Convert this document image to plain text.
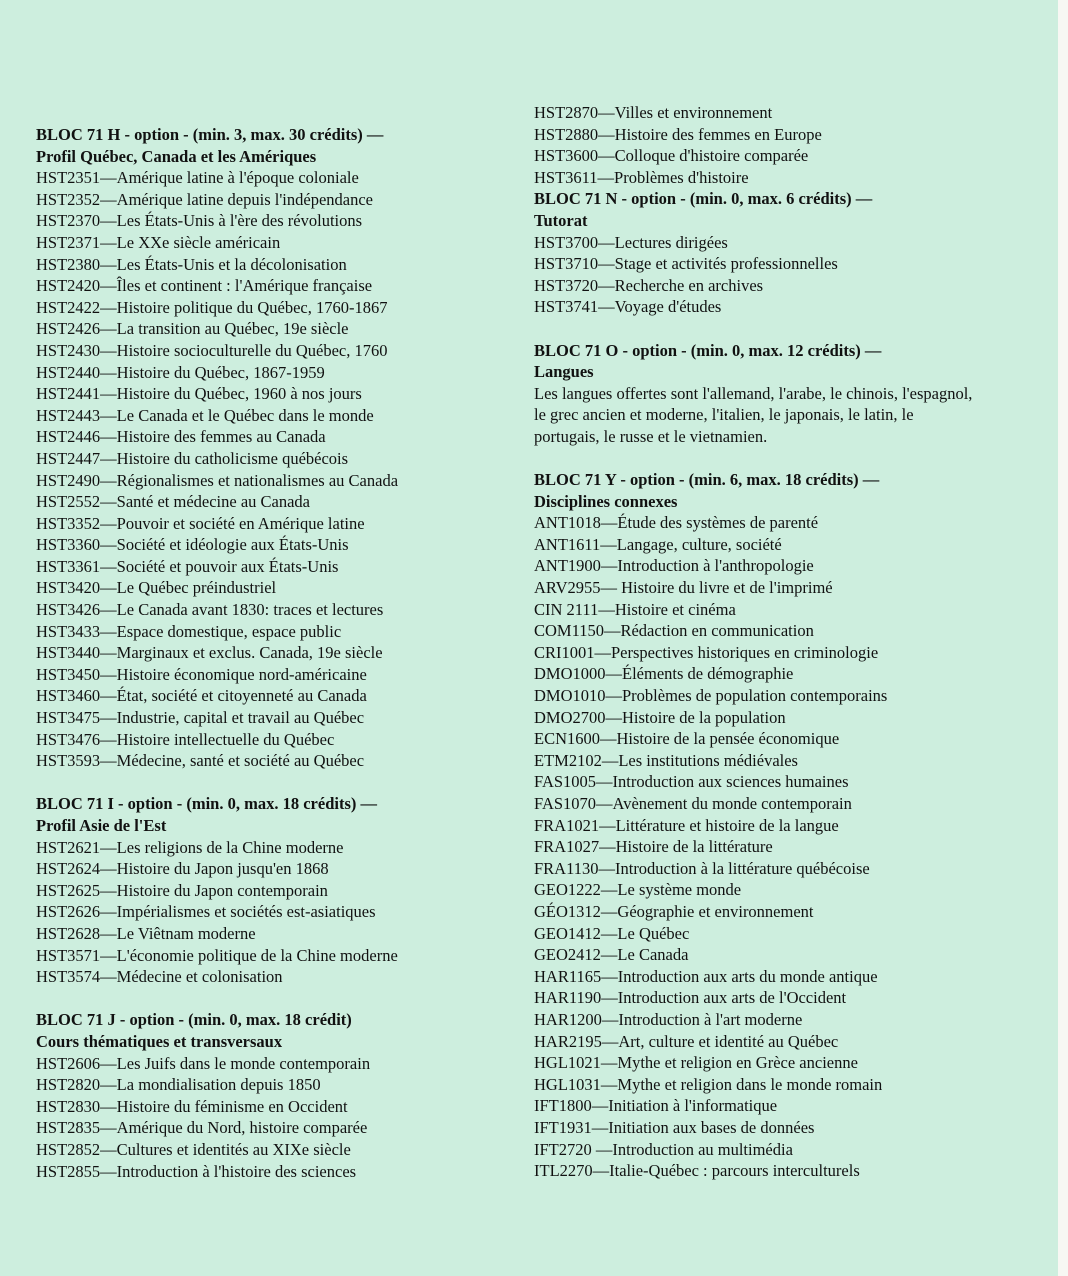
BLOC 71 H - option - (min. 3, max. 30 crédits) —
Profil Québec, Canada et les Amériques
HST2351—Amérique latine à l'époque coloniale
HST2352—Amérique latine depuis l'indépendance
HST2370—Les États-Unis à l'ère des révolutions
HST2371—Le XXe siècle américain
HST2380—Les États-Unis et la décolonisation
HST2420—Îles et continent : l'Amérique française
HST2422—Histoire politique du Québec, 1760-1867
HST2426—La transition au Québec, 19e siècle
HST2430—Histoire socioculturelle du Québec, 1760
HST2440—Histoire du Québec, 1867-1959
HST2441—Histoire du Québec, 1960 à nos jours
HST2443—Le Canada et le Québec dans le monde
HST2446—Histoire des femmes au Canada
HST2447—Histoire du catholicisme québécois
HST2490—Régionalismes et nationalismes au Canada
HST2552—Santé et médecine au Canada
HST3352—Pouvoir et société en Amérique latine
HST3360—Société et idéologie aux États-Unis
HST3361—Société et pouvoir aux États-Unis
HST3420—Le Québec préindustriel
HST3426—Le Canada avant 1830: traces et lectures
HST3433—Espace domestique, espace public
HST3440—Marginaux et exclus. Canada, 19e siècle
HST3450—Histoire économique nord-américaine
HST3460—État, société et citoyenneté au Canada
HST3475—Industrie, capital et travail au Québec
HST3476—Histoire intellectuelle du Québec
HST3593—Médecine, santé et société au Québec
BLOC 71 I - option - (min. 0, max. 18 crédits) —
Profil Asie de l'Est
HST2621—Les religions de la Chine moderne
HST2624—Histoire du Japon jusqu'en 1868
HST2625—Histoire du Japon contemporain
HST2626—Impérialismes et sociétés est-asiatiques
HST2628—Le Viêtnam moderne
HST3571—L'économie politique de la Chine moderne
HST3574—Médecine et colonisation
BLOC 71 J - option - (min. 0, max. 18 crédit)
Cours thématiques et transversaux
HST2606—Les Juifs dans le monde contemporain
HST2820—La mondialisation depuis 1850
HST2830—Histoire du féminisme en Occident
HST2835—Amérique du Nord, histoire comparée
HST2852—Cultures et identités au XIXe siècle
HST2855—Introduction à l'histoire des sciences
HST2870—Villes et environnement
HST2880—Histoire des femmes en Europe
HST3600—Colloque d'histoire comparée
HST3611—Problèmes d'histoire
BLOC 71 N - option - (min. 0, max. 6 crédits) —
Tutorat
HST3700—Lectures dirigées
HST3710—Stage et activités professionnelles
HST3720—Recherche en archives
HST3741—Voyage d'études
BLOC 71 O - option - (min. 0, max. 12 crédits) —
Langues
Les langues offertes sont l'allemand, l'arabe, le chinois, l'espagnol, le grec ancien et moderne, l'italien, le japonais, le latin, le portugais, le russe et le vietnamien.
BLOC 71 Y - option - (min. 6, max. 18 crédits) —
Disciplines connexes
ANT1018—Étude des systèmes de parenté
ANT1611—Langage, culture, société
ANT1900—Introduction à l'anthropologie
ARV2955— Histoire du livre et de l'imprimé
CIN 2111—Histoire et cinéma
COM1150—Rédaction en communication
CRI1001—Perspectives historiques en criminologie
DMO1000—Éléments de démographie
DMO1010—Problèmes de population contemporains
DMO2700—Histoire de la population
ECN1600—Histoire de la pensée économique
ETM2102—Les institutions médiévales
FAS1005—Introduction aux sciences humaines
FAS1070—Avènement du monde contemporain
FRA1021—Littérature et histoire de la langue
FRA1027—Histoire de la littérature
FRA1130—Introduction à la littérature québécoise
GEO1222—Le système monde
GÉO1312—Géographie et environnement
GEO1412—Le Québec
GEO2412—Le Canada
HAR1165—Introduction aux arts du monde antique
HAR1190—Introduction aux arts de l'Occident
HAR1200—Introduction à l'art moderne
HAR2195—Art, culture et identité au Québec
HGL1021—Mythe et religion en Grèce ancienne
HGL1031—Mythe et religion dans le monde romain
IFT1800—Initiation à l'informatique
IFT1931—Initiation aux bases de données
IFT2720 —Introduction au multimédia
ITL2270—Italie-Québec : parcours interculturels
